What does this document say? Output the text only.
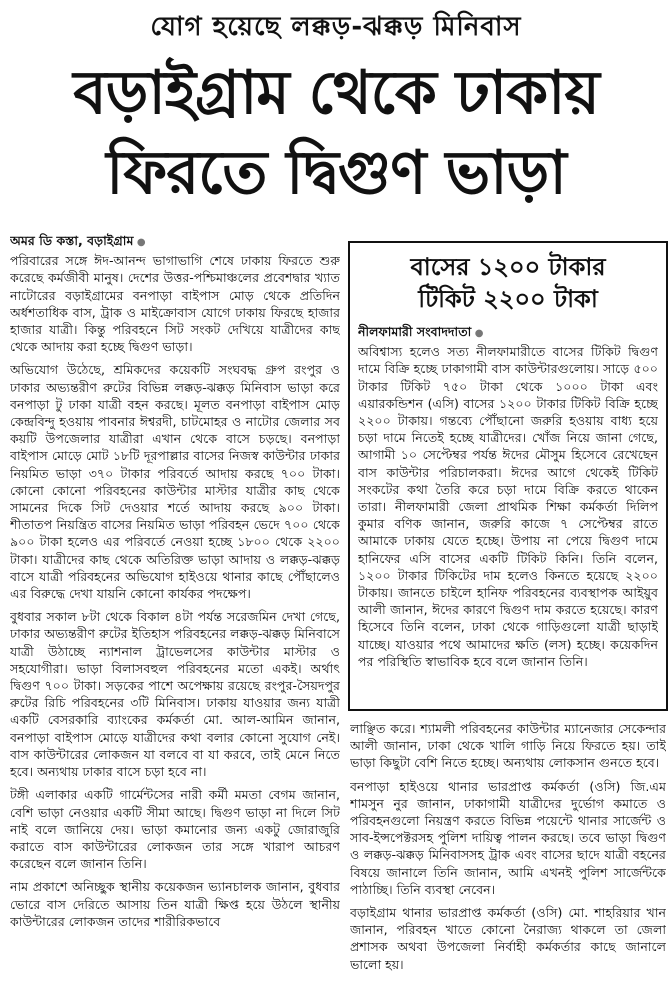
যোগ হয়েছে লক্কড়-ঝক্কড় মিনিবাস
বড়াইগ্রাম থেকে ঢাকায়
ফিরতে দ্বিগুণ ভাড়া

অমর ডি কস্তা, বড়াইগ্রাম ●

পরিবারের সঙ্গে ঈদ-আনন্দ ভাগাভাগি শেষে ঢাকায় ফিরতে শুরু করেছে কর্মজীবী মানুষ। দেশের উত্তর-পশ্চিমাঞ্চলের প্রবেশদ্বার খ্যাত নাটোরের বড়াইগ্রামের বনপাড়া বাইপাস মোড় থেকে প্রতিদিন অর্ধশতাধিক বাস, ট্রাক ও মাইক্রোবাস যোগে ঢাকায় ফিরছে হাজার হাজার যাত্রী। কিন্তু পরিবহনে সিট সংকট দেখিয়ে যাত্রীদের কাছ থেকে আদায় করা হচ্ছে দ্বিগুণ ভাড়া।

অভিযোগ উঠেছে, শ্রমিকদের কয়েকটি সংঘবদ্ধ গ্রুপ রংপুর ও ঢাকার অভ্যন্তরীণ রুটের বিভিন্ন লক্কড়-ঝক্কড় মিনিবাস ভাড়া করে বনপাড়া টু ঢাকা যাত্রী বহন করছে। মূলত বনপাড়া বাইপাস মোড় কেন্দ্রবিন্দু হওয়ায় পাবনার ঈশ্বরদী, চাটমোহর ও নাটোর জেলার সব কয়টি উপজেলার যাত্রীরা এখান থেকে বাসে চড়ছে। বনপাড়া বাইপাস মোড়ে মোট ১৮টি দূরপাল্লার বাসের নিজস্ব কাউন্টার ঢাকার নিয়মিত ভাড়া ৩৭০ টাকার পরিবর্তে আদায় করছে ৭০০ টাকা। কোনো কোনো পরিবহনের কাউন্টার মাস্টার যাত্রীর কাছ থেকে সামনের দিকে সিট দেওয়ার শর্তে আদায় করছে ৯০০ টাকা। শীতাতপ নিয়ন্ত্রিত বাসের নিয়মিত ভাড়া পরিবহন ভেদে ৭০০ থেকে ৯০০ টাকা হলেও এর পরিবর্তে নেওয়া হচ্ছে ১৮০০ থেকে ২২০০ টাকা। যাত্রীদের কাছ থেকে অতিরিক্ত ভাড়া আদায় ও লক্কড়-ঝক্কড় বাসে যাত্রী পরিবহনের অভিযোগ হাইওয়ে থানার কাছে পৌঁছালেও এর বিরুদ্ধে দেখা যায়নি কোনো কার্যকর পদক্ষেপ।

বুধবার সকাল ৮টা থেকে বিকাল ৪টা পর্যন্ত সরেজমিন দেখা গেছে, ঢাকার অভ্যন্তরীণ রুটের ইতিহাস পরিবহনের লক্কড়-ঝক্কড় মিনিবাসে যাত্রী উঠাচ্ছে ন্যাশনাল ট্রাভেলসের কাউন্টার মাস্টার ও সহযোগীরা। ভাড়া বিলাসবহুল পরিবহনের মতো একই। অর্থাৎ দ্বিগুণ ৭০০ টাকা। সড়কের পাশে অপেক্ষায় রয়েছে রংপুর-সৈয়দপুর রুটের রিচি পরিবহনের ৩টি মিনিবাস। ঢাকায় যাওয়ার জন্য যাত্রী একটি বেসরকারি ব্যাংকের কর্মকর্তা মো. আল-আমিন জানান, বনপাড়া বাইপাস মোড়ে যাত্রীদের কথা বলার কোনো সুযোগ নেই। বাস কাউন্টারের লোকজন যা বলবে বা যা করবে, তাই মেনে নিতে হবে। অন্যথায় ঢাকার বাসে চড়া হবে না।

টঙ্গী এলাকার একটি গার্মেন্টসের নারী কর্মী মমতা বেগম জানান, বেশি ভাড়া নেওয়ার একটি সীমা আছে। দ্বিগুণ ভাড়া না দিলে সিট নাই বলে জানিয়ে দেয়। ভাড়া কমানোর জন্য একটু জোরাজুরি করাতে বাস কাউন্টারের লোকজন তার সঙ্গে খারাপ আচরণ করেছেন বলে জানান তিনি।

নাম প্রকাশে অনিচ্ছুক স্থানীয় কয়েকজন ভ্যানচালক জানান, বুধবার ভোরে বাস দেরিতে আসায় তিন যাত্রী ক্ষিপ্ত হয়ে উঠলে স্থানীয় কাউন্টারের লোকজন তাদের শারীরিকভাবে

বাসের ১২০০ টাকার
টিকিট ২২০০ টাকা

নীলফামারী সংবাদদাতা ●

অবিশ্বাস্য হলেও সত্য নীলফামারীতে বাসের টিকিট দ্বিগুণ দামে বিক্রি হচ্ছে ঢাকাগামী বাস কাউন্টারগুলোয়। সাড়ে ৫০০ টাকার টিকিট ৭৫০ টাকা থেকে ১০০০ টাকা এবং এয়ারকন্ডিশন (এসি) বাসের ১২০০ টাকার টিকিট বিক্রি হচ্ছে ২২০০ টাকায়। গন্তব্যে পৌঁছানো জরুরি হওয়ায় বাধ্য হয়ে চড়া দামে নিতেই হচ্ছে যাত্রীদের। খোঁজ নিয়ে জানা গেছে, আগামী ১০ সেপ্টেম্বর পর্যন্ত ঈদের মৌসুম হিসেবে রেখেছেন বাস কাউন্টার পরিচালকরা। ঈদের আগে থেকেই টিকিট সংকটের কথা তৈরি করে চড়া দামে বিক্রি করতে থাকেন তারা। নীলফামারী জেলা প্রাথমিক শিক্ষা কর্মকর্তা দিলিপ কুমার বণিক জানান, জরুরি কাজে ৭ সেপ্টেম্বর রাতে আমাকে ঢাকায় যেতে হচ্ছে। উপায় না পেয়ে দ্বিগুণ দামে হানিফের এসি বাসের একটি টিকিট কিনি। তিনি বলেন, ১২০০ টাকার টিকিটের দাম হলেও কিনতে হয়েছে ২২০০ টাকায়। জানতে চাইলে হানিফ পরিবহনের ব্যবস্থাপক আইয়ুব আলী জানান, ঈদের কারণে দ্বিগুণ দাম করতে হয়েছে। কারণ হিসেবে তিনি বলেন, ঢাকা থেকে গাড়িগুলো যাত্রী ছাড়াই যাচ্ছে। যাওয়ার পথে আমাদের ক্ষতি (লস) হচ্ছে। কয়েকদিন পর পরিস্থিতি স্বাভাবিক হবে বলে জানান তিনি।

লাঞ্ছিত করে। শ্যামলী পরিবহনের কাউন্টার ম্যানেজার সেকেন্দার আলী জানান, ঢাকা থেকে খালি গাড়ি নিয়ে ফিরতে হয়। তাই ভাড়া কিছুটা বেশি নিতে হচ্ছে। অন্যথায় লোকসান গুনতে হবে।

বনপাড়া হাইওয়ে থানার ভারপ্রাপ্ত কর্মকর্তা (ওসি) জি.এম শামসুন নুর জানান, ঢাকাগামী যাত্রীদের দুর্ভোগ কমাতে ও পরিবহনগুলো নিয়ন্ত্রণ করতে বিভিন্ন পয়েন্টে থানার সার্জেন্ট ও সাব-ইন্সপেক্টরসহ পুলিশ দায়িত্ব পালন করছে। তবে ভাড়া দ্বিগুণ ও লক্কড়-ঝক্কড় মিনিবাসসহ ট্রাক এবং বাসের ছাদে যাত্রী বহনের বিষয়ে জানালে তিনি জানান, আমি এখনই পুলিশ সার্জেন্টকে পাঠাচ্ছি। তিনি ব্যবস্থা নেবেন।

বড়াইগ্রাম থানার ভারপ্রাপ্ত কর্মকর্তা (ওসি) মো. শাহরিয়ার খান জানান, পরিবহন খাতে কোনো নৈরাজ্য থাকলে তা জেলা প্রশাসক অথবা উপজেলা নির্বাহী কর্মকর্তার কাছে জানালে ভালো হয়।
